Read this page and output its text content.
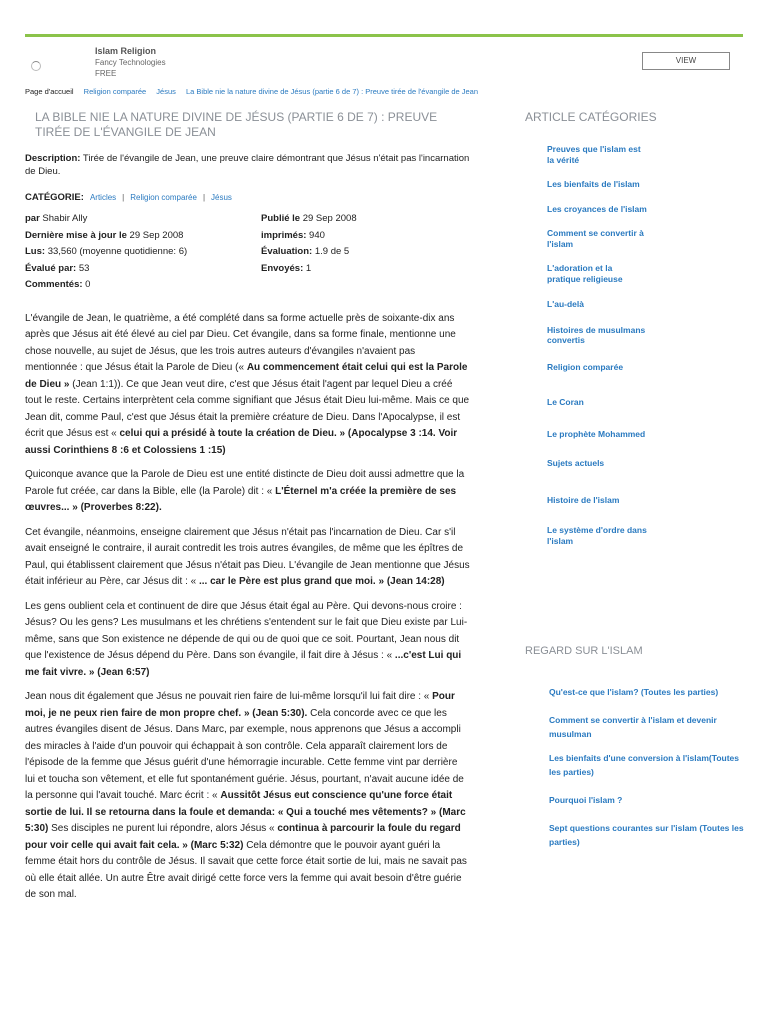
Islam Religion
Fancy Technologies
FREE
VIEW
Page d'accueil Religion comparée Jésus La Bible nie la nature divine de Jésus (partie 6 de 7) : Preuve tirée de l'évangile de Jean
LA BIBLE NIE LA NATURE DIVINE DE JÉSUS (PARTIE 6 DE 7) : PREUVE TIRÉE DE L'ÉVANGILE DE JEAN
Description: Tirée de l'évangile de Jean, une preuve claire démontrant que Jésus n'était pas l'incarnation de Dieu.
CATÉGORIE: Articles | Religion comparée | Jésus
par Shabir Ally	Publié le 29 Sep 2008
Dernière mise à jour le 29 Sep 2008	imprimés: 940
Lus: 33,560 (moyenne quotidienne: 6)	Évaluation: 1.9 de 5
Évalué par: 53	Envoyés: 1
Commentés: 0

L'évangile de Jean, le quatrième, a été complété dans sa forme actuelle près de soixante-dix ans après que Jésus ait été élevé au ciel par Dieu. Cet évangile, dans sa forme finale, mentionne une chose nouvelle, au sujet de Jésus, que les trois autres auteurs d'évangiles n'avaient pas mentionnée : que Jésus était la Parole de Dieu (« Au commencement était celui qui est la Parole de Dieu » (Jean 1:1)). Ce que Jean veut dire, c'est que Jésus était l'agent par lequel Dieu a créé tout le reste. Certains interprètent cela comme signifiant que Jésus était Dieu lui-même. Mais ce que Jean dit, comme Paul, c'est que Jésus était la première créature de Dieu. Dans l'Apocalypse, il est écrit que Jésus est « celui qui a présidé à toute la création de Dieu. » (Apocalypse 3 :14. Voir aussi Corinthiens 8 :6 et Colossiens 1 :15)

Quiconque avance que la Parole de Dieu est une entité distincte de Dieu doit aussi admettre que la Parole fut créée, car dans la Bible, elle (la Parole) dit : « L'Éternel m'a créée la première de ses œuvres... » (Proverbes 8:22).

Cet évangile, néanmoins, enseigne clairement que Jésus n'était pas l'incarnation de Dieu. Car s'il avait enseigné le contraire, il aurait contredit les trois autres évangiles, de même que les épîtres de Paul, qui établissent clairement que Jésus n'était pas Dieu. L'évangile de Jean mentionne que Jésus était inférieur au Père, car Jésus dit : « ... car le Père est plus grand que moi. » (Jean 14:28)

Les gens oublient cela et continuent de dire que Jésus était égal au Père. Qui devons-nous croire : Jésus? Ou les gens? Les musulmans et les chrétiens s'entendent sur le fait que Dieu existe par Lui-même, sans que Son existence ne dépende de qui ou de quoi que ce soit. Pourtant, Jean nous dit que l'existence de Jésus dépend du Père. Dans son évangile, il fait dire à Jésus : « ...c'est Lui qui me fait vivre. » (Jean 6:57)

Jean nous dit également que Jésus ne pouvait rien faire de lui-même lorsqu'il lui fait dire : « Pour moi, je ne peux rien faire de mon propre chef. » (Jean 5:30). Cela concorde avec ce que les autres évangiles disent de Jésus. Dans Marc, par exemple, nous apprenons que Jésus a accompli des miracles à l'aide d'un pouvoir qui échappait à son contrôle. Cela apparaît clairement lors de l'épisode de la femme que Jésus guérit d'une hémorragie incurable. Cette femme vint par derrière lui et toucha son vêtement, et elle fut spontanément guérie. Jésus, pourtant, n'avait aucune idée de la personne qui l'avait touché. Marc écrit : « Aussitôt Jésus eut conscience qu'une force était sortie de lui. Il se retourna dans la foule et demanda: « Qui a touché mes vêtements? » (Marc 5:30) Ses disciples ne purent lui répondre, alors Jésus « continua à parcourir la foule du regard pour voir celle qui avait fait cela. » (Marc 5:32) Cela démontre que le pouvoir ayant guéri la femme était hors du contrôle de Jésus. Il savait que cette force était sortie de lui, mais ne savait pas où elle était allée. Un autre Être avait dirigé cette force vers la femme qui avait besoin d'être guérie de son mal.

ARTICLE CATÉGORIES
Preuves que l'islam est la vérité
Les bienfaits de l'islam
Les croyances de l'islam
Comment se convertir à l'islam
L'adoration et la pratique religieuse
L'au-delà
Histoires de musulmans convertis
Religion comparée
Le Coran
Le prophète Mohammed
Sujets actuels
Histoire de l'islam
Le système d'ordre dans l'islam
REGARD SUR L'ISLAM
Qu'est-ce que l'islam? (Toutes les parties)
Comment se convertir à l'islam et devenir musulman
Les bienfaits d'une conversion à l'islam(Toutes les parties)
Pourquoi l'islam ?
Sept questions courantes sur l'islam (Toutes les parties)
